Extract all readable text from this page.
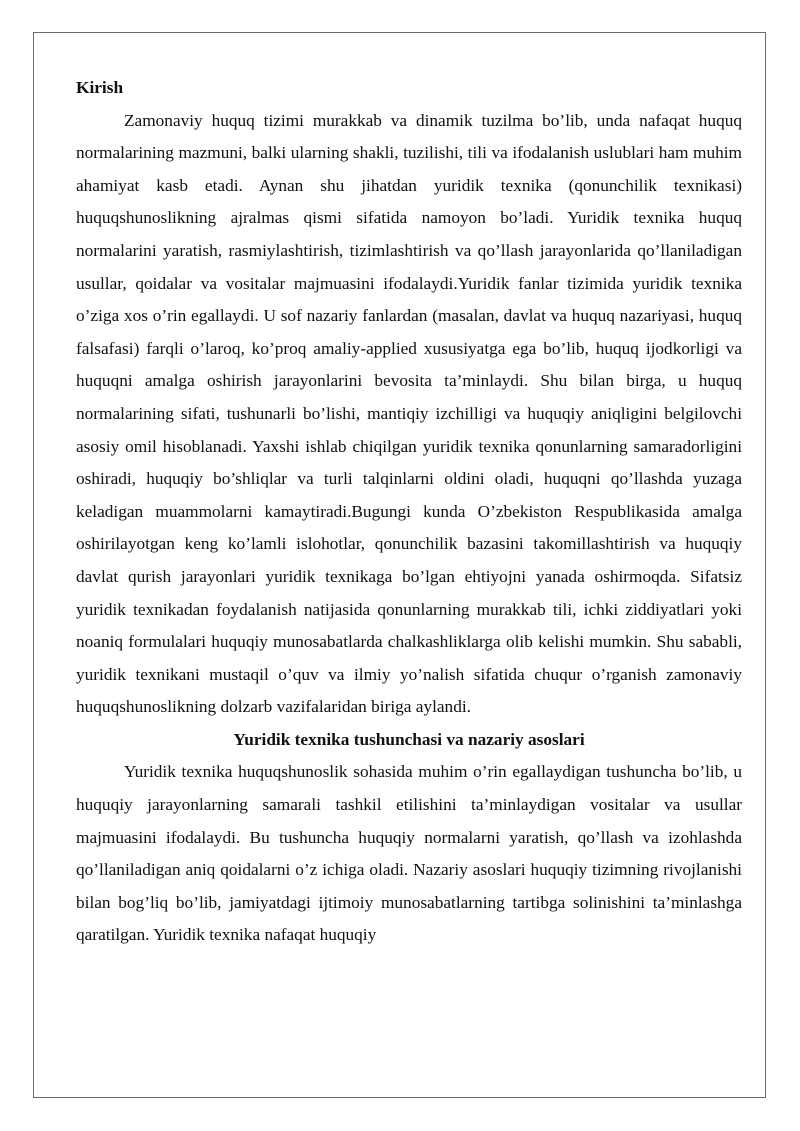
Kirish

Zamonaviy huquq tizimi murakkab va dinamik tuzilma bo’lib, unda nafaqat huquq normalarining mazmuni, balki ularning shakli, tuzilishi, tili va ifodalanish uslublari ham muhim ahamiyat kasb etadi. Aynan shu jihatdan yuridik texnika (qonunchilik texnikasi) huquqshunoslikning ajralmas qismi sifatida namoyon bo’ladi. Yuridik texnika huquq normalarini yaratish, rasmiylashtirish, tizimlashtirish va qo’llash jarayonlarida qo’llaniladigan usullar, qoidalar va vositalar majmuasini ifodalaydi.Yuridik fanlar tizimida yuridik texnika o’ziga xos o’rin egallaydi. U sof nazariy fanlardan (masalan, davlat va huquq nazariyasi, huquq falsafasi) farqli o’laroq, ko’proq amaliy-applied xususiyatga ega bo’lib, huquq ijodkorligi va huquqni amalga oshirish jarayonlarini bevosita ta’minlaydi. Shu bilan birga, u huquq normalarining sifati, tushunarli bo’lishi, mantiqiy izchilligi va huquqiy aniqligini belgilovchi asosiy omil hisoblanadi. Yaxshi ishlab chiqilgan yuridik texnika qonunlarning samaradorligini oshiradi, huquqiy bo’shliqlar va turli talqinlarni oldini oladi, huquqni qo’llashda yuzaga keladigan muammolarni kamaytiradi.Bugungi kunda O’zbekiston Respublikasida amalga oshirilayotgan keng ko’lamli islohotlar, qonunchilik bazasini takomillashtirish va huquqiy davlat qurish jarayonlari yuridik texnikaga bo’lgan ehtiyojni yanada oshirmoqda. Sifatsiz yuridik texnikadan foydalanish natijasida qonunlarning murakkab tili, ichki ziddiyatlari yoki noaniq formulalari huquqiy munosabatlarda chalkashliklarga olib kelishi mumkin. Shu sababli, yuridik texnikani mustaqil o’quv va ilmiy yo’nalish sifatida chuqur o’rganish zamonaviy huquqshunoslikning dolzarb vazifalaridan biriga aylandi.

Yuridik texnika tushunchasi va nazariy asoslari

Yuridik texnika huquqshunoslik sohasida muhim o’rin egallaydigan tushuncha bo’lib, u huquqiy jarayonlarning samarali tashkil etilishini ta’minlaydigan vositalar va usullar majmuasini ifodalaydi. Bu tushuncha huquqiy normalarni yaratish, qo’llash va izohlashda qo’llaniladigan aniq qoidalarni o’z ichiga oladi. Nazariy asoslari huquqiy tizimning rivojlanishi bilan bog’liq bo’lib, jamiyatdagi ijtimoiy munosabatlarning tartibga solinishini ta’minlashga qaratilgan. Yuridik texnika nafaqat huquqiy
